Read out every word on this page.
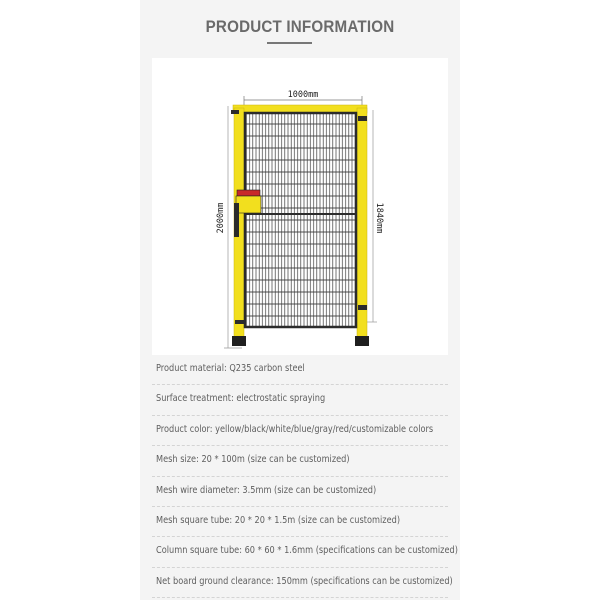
PRODUCT INFORMATION
1000mm
2000mm	1840mm
Product material: Q235 carbon steel
Surface treatment: electrostatic spraying
Product color: yellow/black/white/blue/gray/red/customizable colors
Mesh size: 20 * 100m (size can be customized)
Mesh wire diameter: 3.5mm (size can be customized)
Mesh square tube: 20 * 20 * 1.5m (size can be customized)
Column square tube: 60 * 60 * 1.6mm (specifications can be customized)
Net board ground clearance: 150mm (specifications can be customized)
